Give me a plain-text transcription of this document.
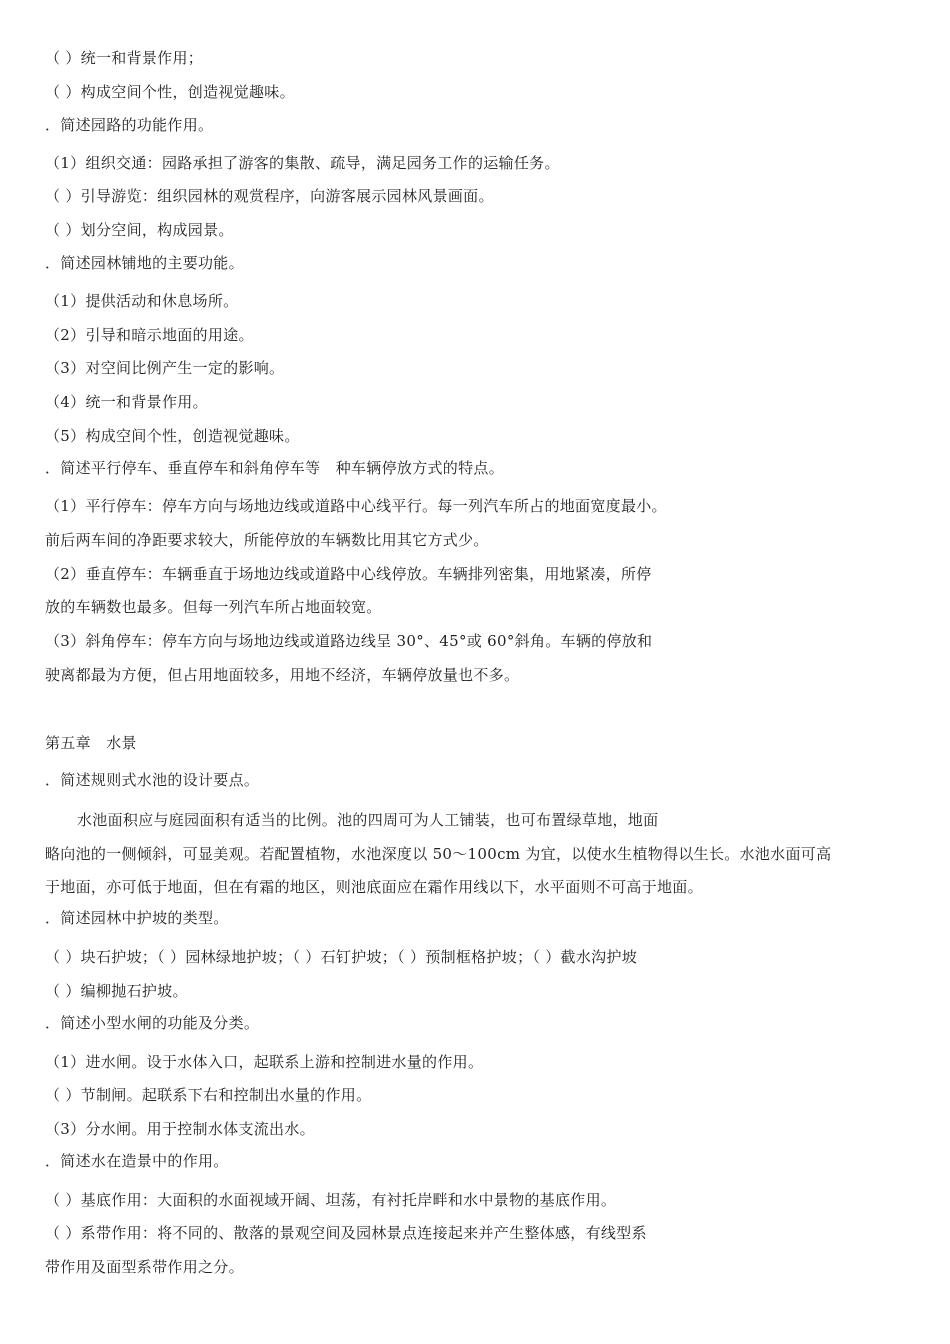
（ ）统一和背景作用；
（ ）构成空间个性，创造视觉趣味。
．简述园路的功能作用。
（1）组织交通：园路承担了游客的集散、疏导，满足园务工作的运输任务。
（ ）引导游览：组织园林的观赏程序，向游客展示园林风景画面。
（ ）划分空间，构成园景。
．简述园林铺地的主要功能。
（1）提供活动和休息场所。
（2）引导和暗示地面的用途。
（3）对空间比例产生一定的影响。
（4）统一和背景作用。
（5）构成空间个性，创造视觉趣味。
．简述平行停车、垂直停车和斜角停车等　种车辆停放方式的特点。
（1）平行停车：停车方向与场地边线或道路中心线平行。每一列汽车所占的地面宽度最小。
前后两车间的净距要求较大，所能停放的车辆数比用其它方式少。
（2）垂直停车：车辆垂直于场地边线或道路中心线停放。车辆排列密集，用地紧凑，所停
放的车辆数也最多。但每一列汽车所占地面较宽。
（3）斜角停车：停车方向与场地边线或道路边线呈 30°、45°或 60°斜角。车辆的停放和
驶离都最为方便，但占用地面较多，用地不经济，车辆停放量也不多。
第五章　水景
．简述规则式水池的设计要点。
水池面积应与庭园面积有适当的比例。池的四周可为人工铺装，也可布置绿草地，地面
略向池的一侧倾斜，可显美观。若配置植物，水池深度以 50～100cm 为宜，以使水生植物得以生长。水池水面可高
于地面，亦可低于地面，但在有霜的地区，则池底面应在霜作用线以下，水平面则不可高于地面。
．简述园林中护坡的类型。
（ ）块石护坡；（ ）园林绿地护坡；（ ）石钉护坡；（ ）预制框格护坡；（ ）截水沟护坡
（ ）编柳抛石护坡。
．简述小型水闸的功能及分类。
（1）进水闸。设于水体入口，起联系上游和控制进水量的作用。
（ ）节制闸。起联系下右和控制出水量的作用。
（3）分水闸。用于控制水体支流出水。
．简述水在造景中的作用。
（ ）基底作用：大面积的水面视域开阔、坦荡，有衬托岸畔和水中景物的基底作用。
（ ）系带作用：将不同的、散落的景观空间及园林景点连接起来并产生整体感，有线型系
带作用及面型系带作用之分。
